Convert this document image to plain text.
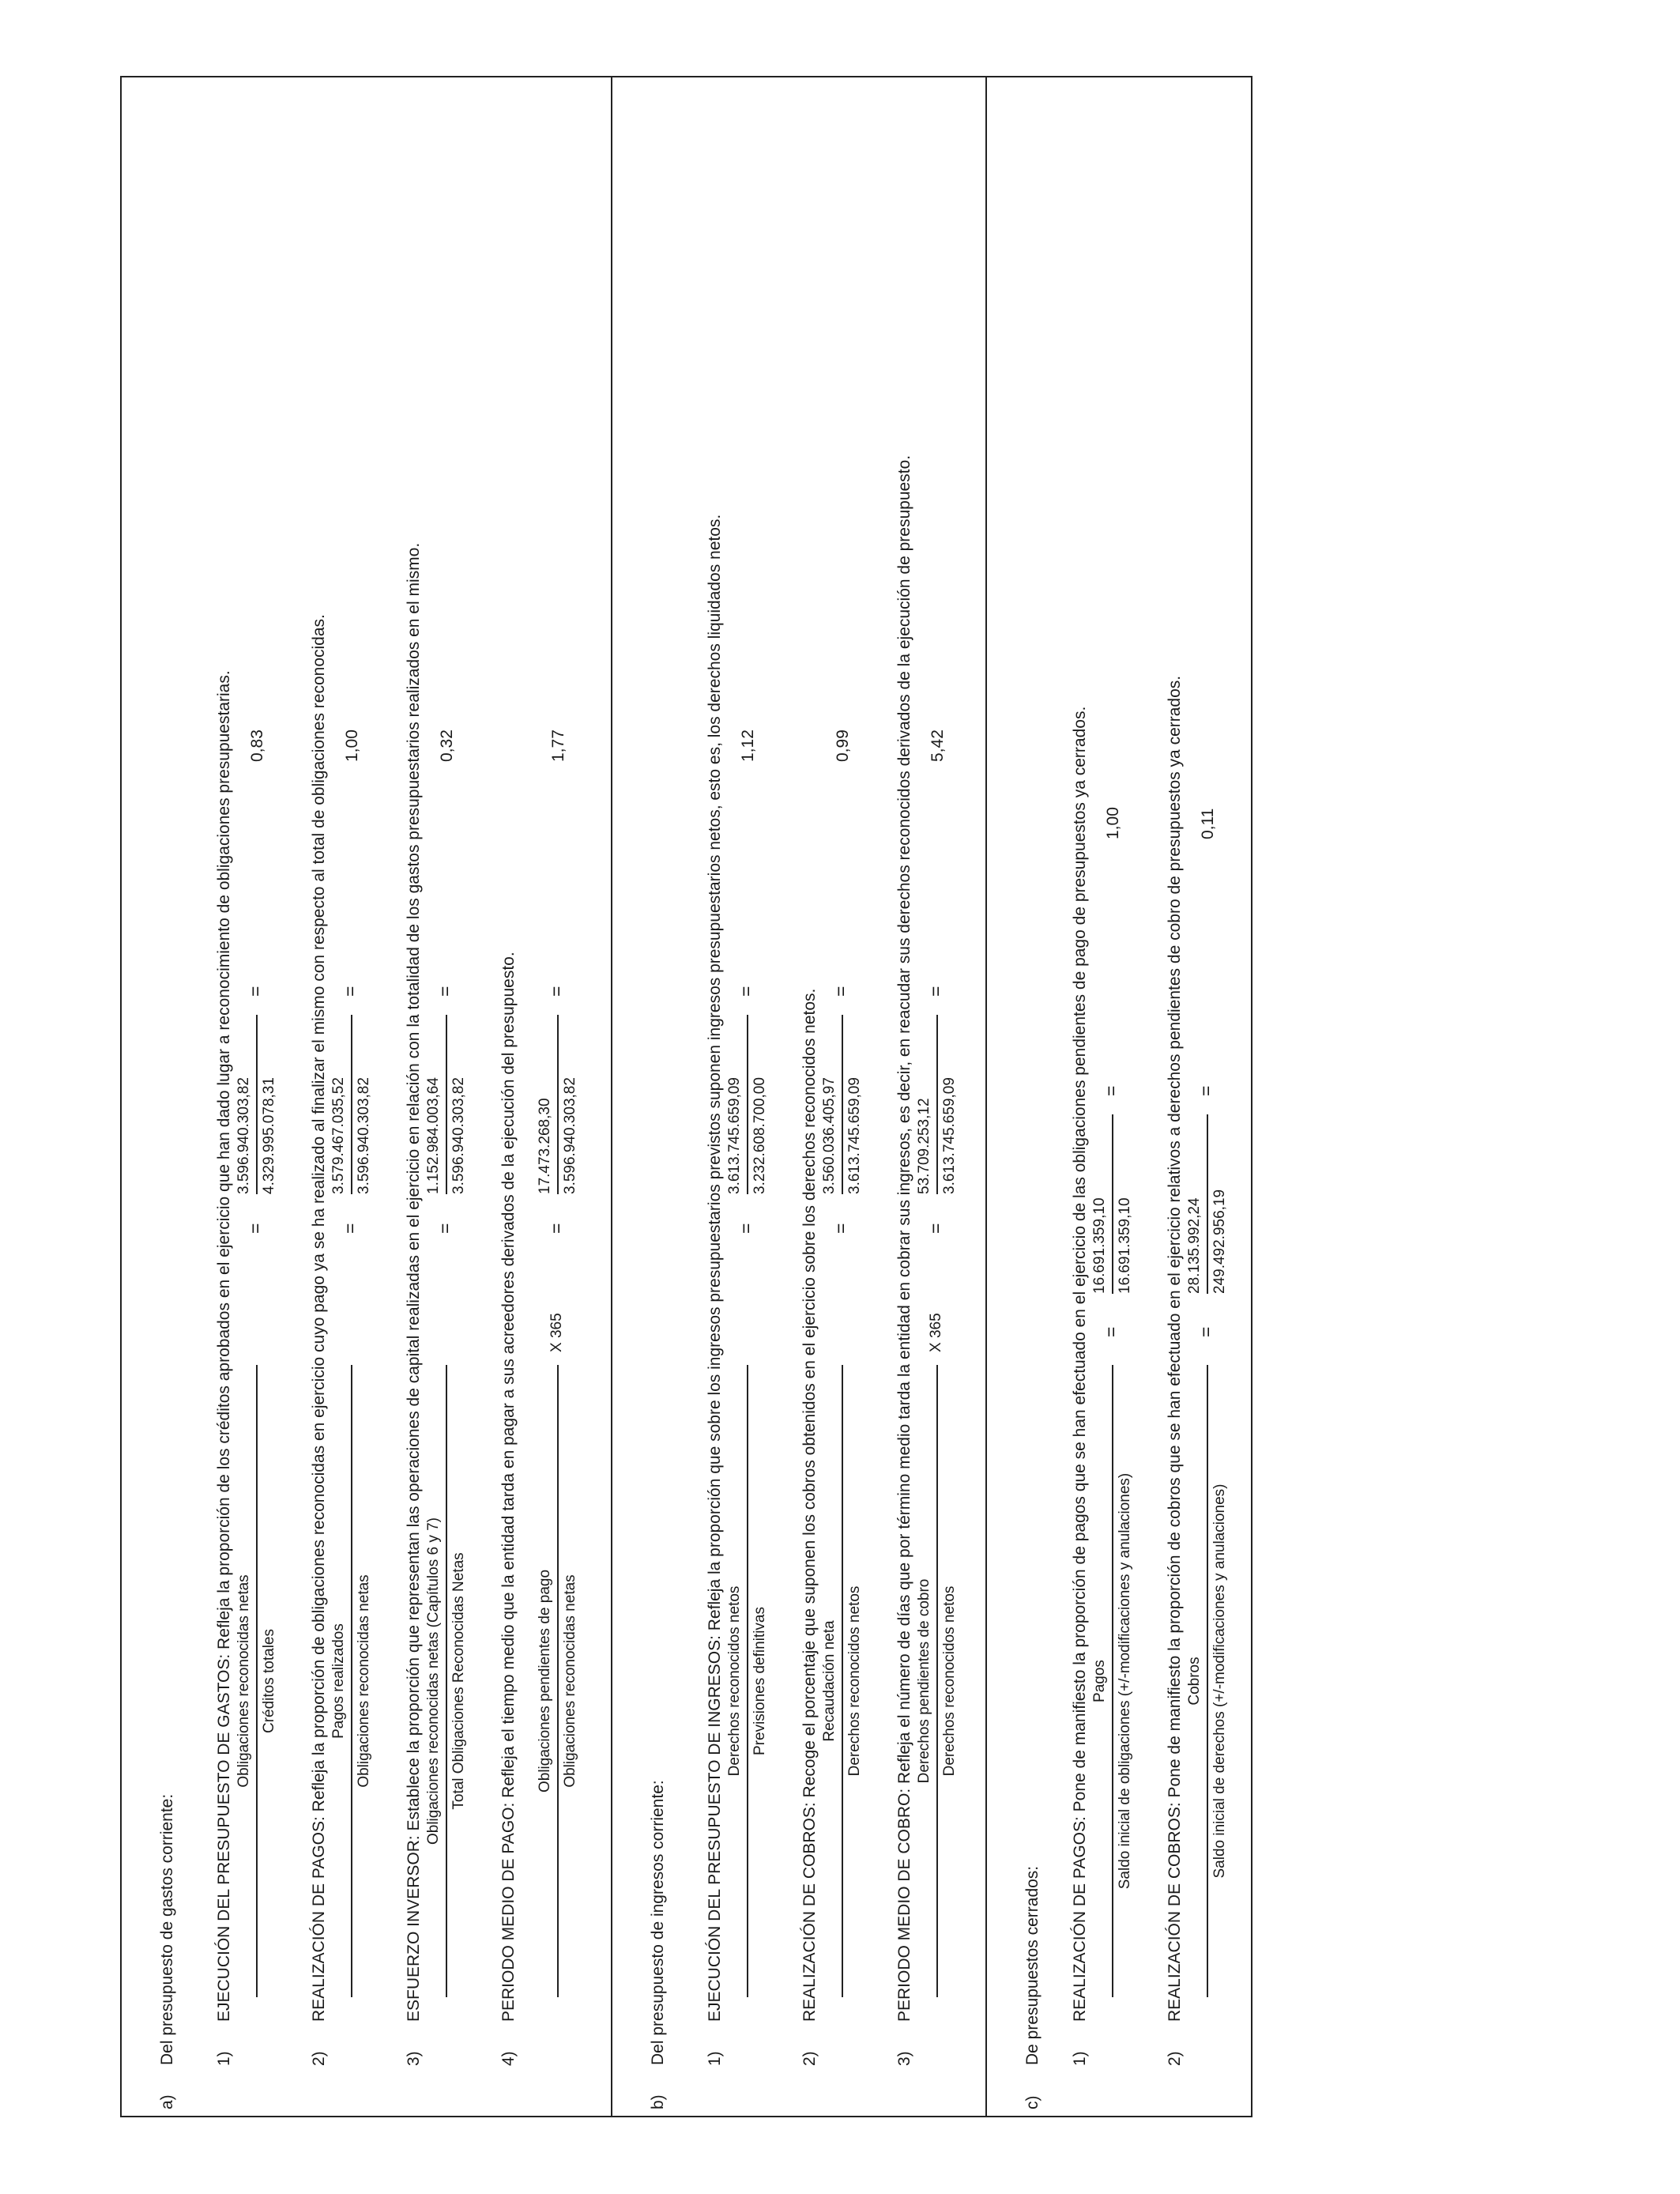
a)Del presupuesto de gastos corriente: 1)
EJECUCIÓN DEL PRESUPUESTO DE GASTOS: Refleja la proporción de los créditos aprobados en el ejercicio que han dado lugar a reconocimiento de obligaciones presupuestarias. Obligaciones reconocidas netas Créditos totales
=
3.596.940.303,82 4.329.995.078,31
=
0,83
2)
REALIZACIÓN DE PAGOS: Refleja la proporción de obligaciones reconocidas en ejercicio cuyo pago ya se ha realizado al finalizar el mismo con respecto al total de obligaciones reconocidas. Pagos realizados Obligaciones reconocidas netas
=
3.579.467.035,52 3.596.940.303,82
=
1,00
3)
ESFUERZO INVERSOR: Establece la proporción que representan las operaciones de capital realizadas en el ejercicio en relación con la totalidad de los gastos presupuestarios realizados en el mismo. Obligaciones reconocidas netas (Capítulos 6 y 7) Total Obligaciones Reconocidas Netas
=
1.152.984.003,64 3.596.940.303,82
=
0,32
4)
PERIODO MEDIO DE PAGO: Refleja el tiempo medio que la entidad tarda en pagar a sus acreedores derivados de la ejecución del presupuesto. Obligaciones pendientes de pago Obligaciones reconocidas netas
X 365
=
17.473.268,30 3.596.940.303,82
=
1,77
b)Del presupuesto de ingresos corriente: 1)
EJECUCIÓN DEL PRESUPUESTO DE INGRESOS: Refleja la proporción que sobre los ingresos presupuestarios previstos suponen ingresos presupuestarios netos, esto es, los derechos liquidados netos. Derechos reconocidos netos Previsiones definitivas
=
3.613.745.659,09 3.232.608.700,00
=
1,12
2)
REALIZACIÓN DE COBROS: Recoge el porcentaje que suponen los cobros obtenidos en el ejercicio sobre los derechos reconocidos netos. Recaudación neta Derechos reconocidos netos
=
3.560.036.405,97 3.613.745.659,09
=
0,99
3)
PERIODO MEDIO DE COBRO: Refleja el número de días que por término medio tarda la entidad en cobrar sus ingresos, es decir, en reacudar sus derechos reconocidos derivados de la ejecución de presupuesto. Derechos pendientes de cobro Derechos reconocidos netos
X 365
=
53.709.253,12 3.613.745.659,09
=
5,42
c)De presupuestos cerrados: 1)
REALIZACIÓN DE PAGOS: Pone de manifiesto la proporción de pagos que se han efectuado en el ejercicio de las obligaciones pendientes de pago de presupuestos ya cerrados. Pagos Saldo inicial de obligaciones (+/-modificaciones y anulaciones)
=
16.691.359,10 16.691.359,10
=
1,00
2)
REALIZACIÓN DE COBROS: Pone de manifiesto la proporción de cobros que se han efectuado en el ejercicio relativos a derechos pendientes de cobro de presupuestos ya cerrados. Cobros Saldo inicial de derechos (+/-modificaciones y anulaciones)
=
28.135.992,24 249.492.956,19
=
0,11
